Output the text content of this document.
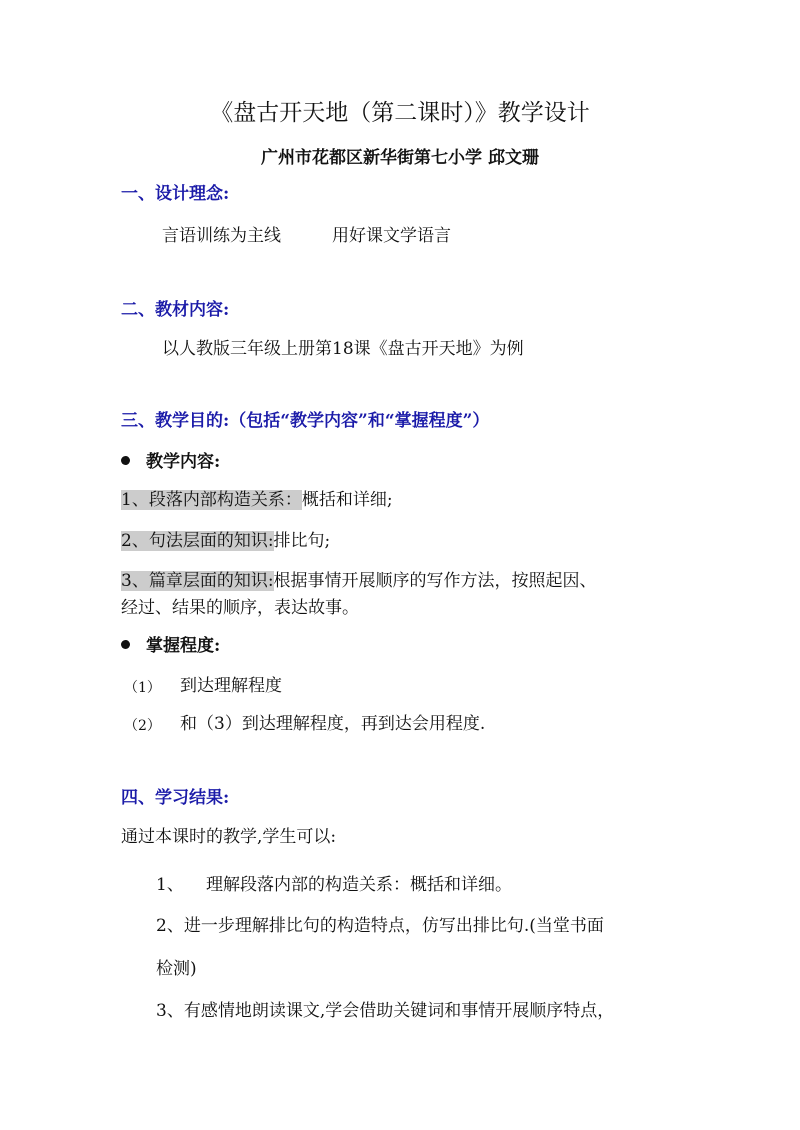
《盘古开天地（第二课时）》教学设计
广州市花都区新华街第七小学 邱文珊
一、设计理念:
言语训练为主线	用好课文学语言
二、教材内容:
以人教版三年级上册第18课《盘古开天地》为例
三、教学目的:（包括“教学内容”和“掌握程度”）
教学内容:
1、段落内部构造关系：概括和详细;
2、句法层面的知识:排比句;
3、篇章层面的知识:根据事情开展顺序的写作方法，按照起因、
经过、结果的顺序，表达故事。
掌握程度:
（1） 到达理解程度
（2） 和（3）到达理解程度，再到达会用程度.
四、学习结果:
通过本课时的教学,学生可以:
1、 理解段落内部的构造关系：概括和详细。
2、进一步理解排比句的构造特点，仿写出排比句.(当堂书面
检测)
3、有感情地朗读课文,学会借助关键词和事情开展顺序特点，
